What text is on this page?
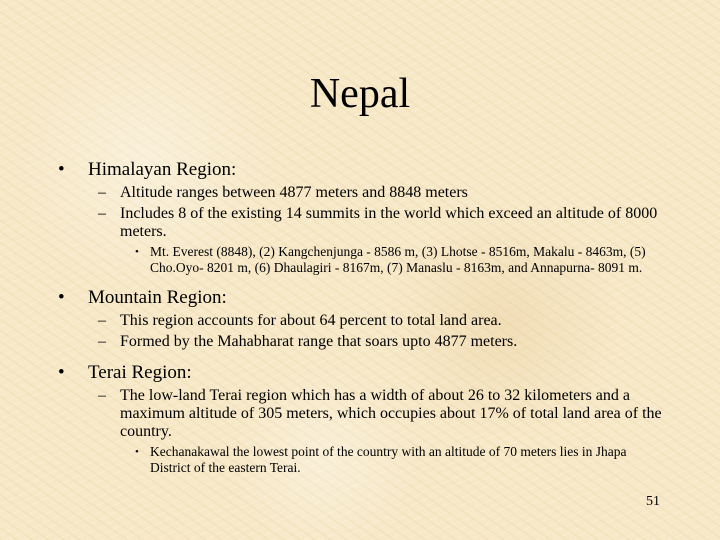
Nepal
• Himalayan Region:
– Altitude ranges between 4877 meters and 8848 meters
– Includes 8 of the existing 14 summits in the world which exceed an altitude of 8000 meters.
• Mt. Everest (8848), (2) Kangchenjunga - 8586 m, (3) Lhotse - 8516m, Makalu - 8463m, (5) Cho.Oyo- 8201 m, (6) Dhaulagiri - 8167m, (7) Manaslu - 8163m, and Annapurna- 8091 m.
• Mountain Region:
– This region accounts for about 64 percent to total land area.
– Formed by the Mahabharat range that soars upto 4877 meters.
• Terai Region:
– The low-land Terai region which has a width of about 26 to 32 kilometers and a maximum altitude of 305 meters, which occupies about 17% of total land area of the country.
• Kechanakawal the lowest point of the country with an altitude of 70 meters lies in Jhapa District of the eastern Terai.
51
